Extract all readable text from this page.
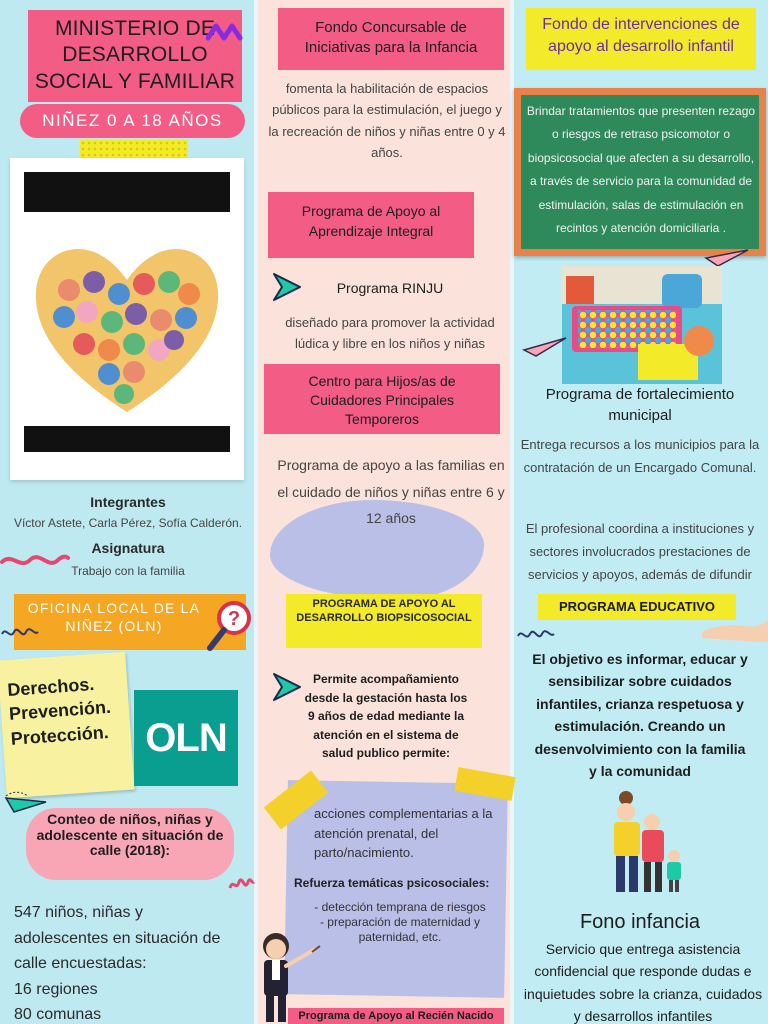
MINISTERIO DE DESARROLLO SOCIAL Y FAMILIAR
NIÑEZ 0 A 18 AÑOS
Integrantes
Víctor Astete, Carla Pérez, Sofía Calderón.
Asignatura
Trabajo con la familia
OFICINA LOCAL DE LA NIÑEZ (OLN)	?
Derechos.
Prevención.
Protección. OLN
Conteo de niños, niñas y adolescente en situación de calle (2018):
547 niños, niñas y
adolescentes en situación de
calle encuestadas:
16 regiones
80 comunas
Fondo Concursable de Iniciativas para la Infancia
fomenta la habilitación de espacios públicos para la estimulación, el juego y la recreación de niños y niñas entre 0 y 4 años.
Programa de Apoyo al Aprendizaje Integral
Programa RINJU
diseñado para promover la actividad lúdica y libre en los niños y niñas
Centro para Hijos/as de Cuidadores Principales Temporeros
Programa de apoyo a las familias en el cuidado de niños y niñas entre 6 y 12 años
PROGRAMA DE APOYO AL DESARROLLO BIOPSICOSOCIAL
Permite acompañamiento desde la gestación hasta los 9 años de edad mediante la atención en el sistema de salud publico permite:
acciones complementarias a la atención prenatal, del parto/nacimiento.
Refuerza temáticas psicosociales:
- detección temprana de riesgos
- preparación de maternidad y paternidad, etc.
Programa de Apoyo al Recién Nacido
Fondo de intervenciones de apoyo al desarrollo infantil
Brindar tratamientos que presenten rezago o riesgos de retraso psicomotor o biopsicosocial que afecten a su desarrollo, a través de servicio para la comunidad de estimulación, salas de estimulación en recintos y atención domiciliaria .
Programa de fortalecimiento municipal
Entrega recursos a los municipios para la contratación de un Encargado Comunal.
El profesional coordina a instituciones y sectores involucrados prestaciones de servicios y apoyos, además de difundir
PROGRAMA EDUCATIVO
El objetivo es informar, educar y sensibilizar sobre cuidados infantiles, crianza respetuosa y estimulación. Creando un desenvolvimiento con la familia y la comunidad
Fono infancia
Servicio que entrega asistencia confidencial que responde dudas e inquietudes sobre la crianza, cuidados y desarrollos infantiles
